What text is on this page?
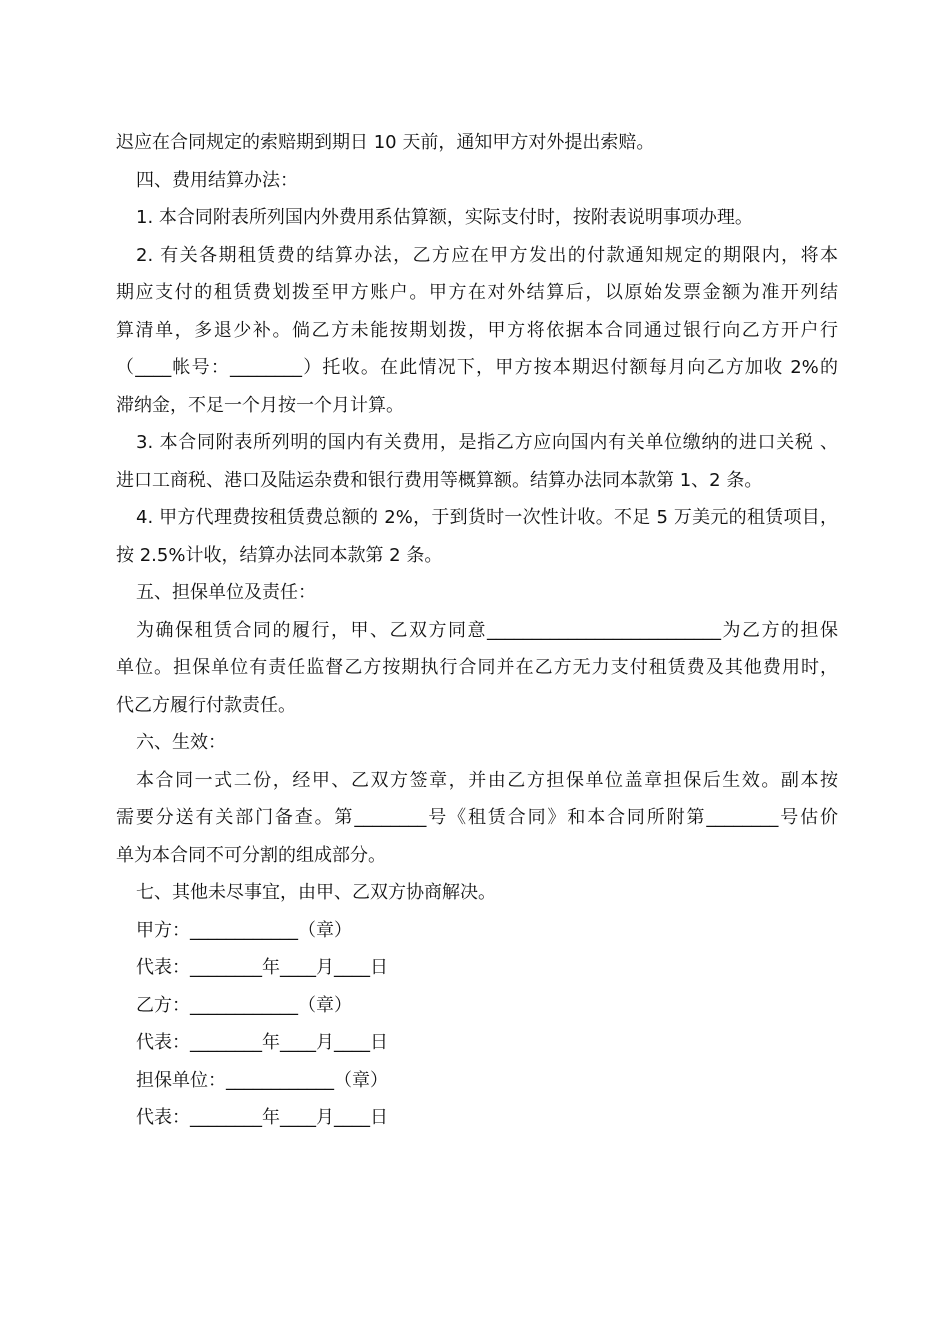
迟应在合同规定的索赔期到期日 10 天前，通知甲方对外提出索赔。
四、费用结算办法：
1. 本合同附表所列国内外费用系估算额，实际支付时，按附表说明事项办理。
2. 有关各期租赁费的结算办法，乙方应在甲方发出的付款通知规定的期限内，将本
期应支付的租赁费划拨至甲方账户。甲方在对外结算后，以原始发票金额为准开列结
算清单，多退少补。倘乙方未能按期划拨，甲方将依据本合同通过银行向乙方开户行
（____帐号：________）托收。在此情况下，甲方按本期迟付额每月向乙方加收 2%的
滞纳金，不足一个月按一个月计算。
3. 本合同附表所列明的国内有关费用，是指乙方应向国内有关单位缴纳的进口关税 、
进口工商税、港口及陆运杂费和银行费用等概算额。结算办法同本款第 1、2 条。
4. 甲方代理费按租赁费总额的 2%，于到货时一次性计收。不足 5 万美元的租赁项目，
按 2.5%计收，结算办法同本款第 2 条。
五、担保单位及责任：
为确保租赁合同的履行，甲、乙双方同意__________________________为乙方的担保
单位。担保单位有责任监督乙方按期执行合同并在乙方无力支付租赁费及其他费用时，
代乙方履行付款责任。
六、生效：
本合同一式二份，经甲、乙双方签章，并由乙方担保单位盖章担保后生效。副本按
需要分送有关部门备查。第________号《租赁合同》和本合同所附第________号估价
单为本合同不可分割的组成部分。
七、其他未尽事宜，由甲、乙双方协商解决。
甲方：____________（章）
代表：________年____月____日
乙方：____________（章）
代表：________年____月____日
担保单位：____________（章）
代表：________年____月____日
